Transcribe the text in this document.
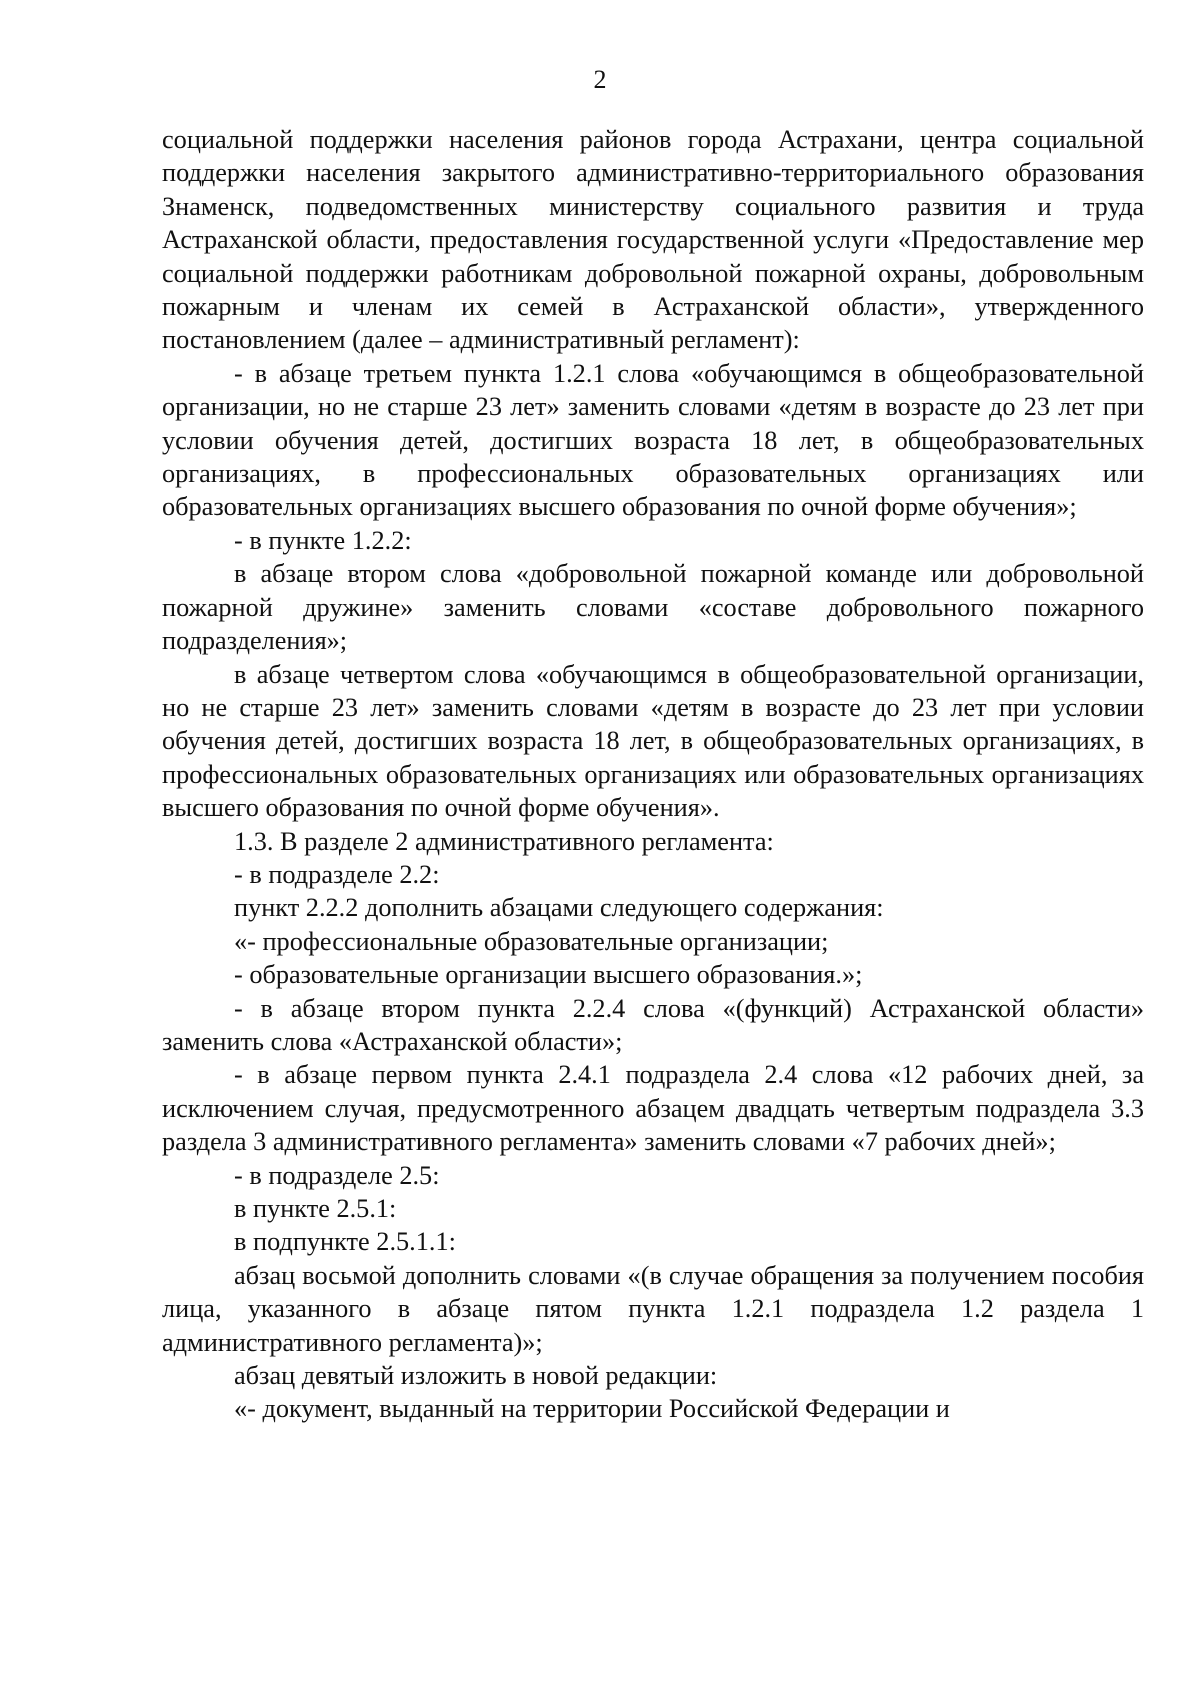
2

социальной поддержки населения районов города Астрахани, центра социальной поддержки населения закрытого административно-территориального образования Знаменск, подведомственных министерству социального развития и труда Астраханской области, предоставления государственной услуги «Предоставление мер социальной поддержки работникам добровольной пожарной охраны, добровольным пожарным и членам их семей в Астраханской области», утвержденного постановлением (далее – административный регламент):

- в абзаце третьем пункта 1.2.1 слова «обучающимся в общеобразовательной организации, но не старше 23 лет» заменить словами «детям в возрасте до 23 лет при условии обучения детей, достигших возраста 18 лет, в общеобразовательных организациях, в профессиональных образовательных организациях или образовательных организациях высшего образования по очной форме обучения»;

- в пункте 1.2.2:

в абзаце втором слова «добровольной пожарной команде или добровольной пожарной дружине» заменить словами «составе добровольного пожарного подразделения»;

в абзаце четвертом слова «обучающимся в общеобразовательной организации, но не старше 23 лет» заменить словами «детям в возрасте до 23 лет при условии обучения детей, достигших возраста 18 лет, в общеобразовательных организациях, в профессиональных образовательных организациях или образовательных организациях высшего образования по очной форме обучения».

1.3. В разделе 2 административного регламента:

- в подразделе 2.2:

пункт 2.2.2 дополнить абзацами следующего содержания:

«- профессиональные образовательные организации;

- образовательные организации высшего образования.»;

- в абзаце втором пункта 2.2.4 слова «(функций) Астраханской области» заменить слова «Астраханской области»;

- в абзаце первом пункта 2.4.1 подраздела 2.4 слова «12 рабочих дней, за исключением случая, предусмотренного абзацем двадцать четвертым подраздела 3.3 раздела 3 административного регламента» заменить словами «7 рабочих дней»;

- в подразделе 2.5:

в пункте 2.5.1:

в подпункте 2.5.1.1:

абзац восьмой дополнить словами «(в случае обращения за получением пособия лица, указанного в абзаце пятом пункта 1.2.1 подраздела 1.2 раздела 1 административного регламента)»;

абзац девятый изложить в новой редакции:

«- документ, выданный на территории Российской Федерации и
